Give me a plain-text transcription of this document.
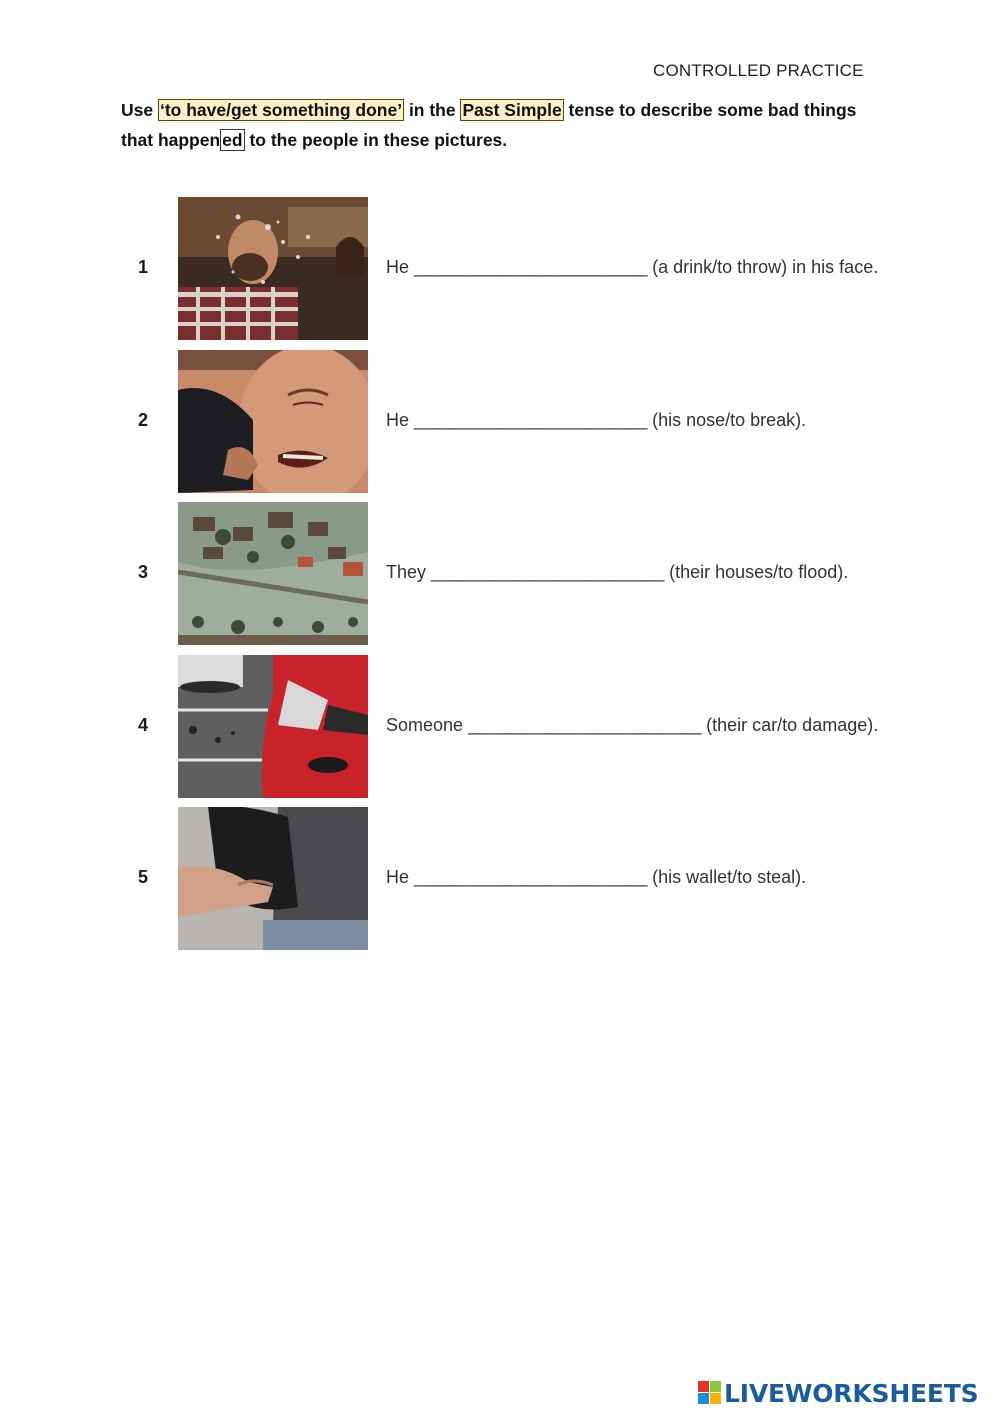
CONTROLLED PRACTICE
Use ‘to have/get something done’ in the Past Simple tense to describe some bad things that happen ed to the people in these pictures.
1	He ________________________ (a drink/to throw) in his face.
2	He ________________________ (his nose/to break).
3	They ________________________ (their houses/to flood).
4	Someone ________________________ (their car/to damage).
5	He ________________________ (his wallet/to steal).
LIVEWORKSHEETS
